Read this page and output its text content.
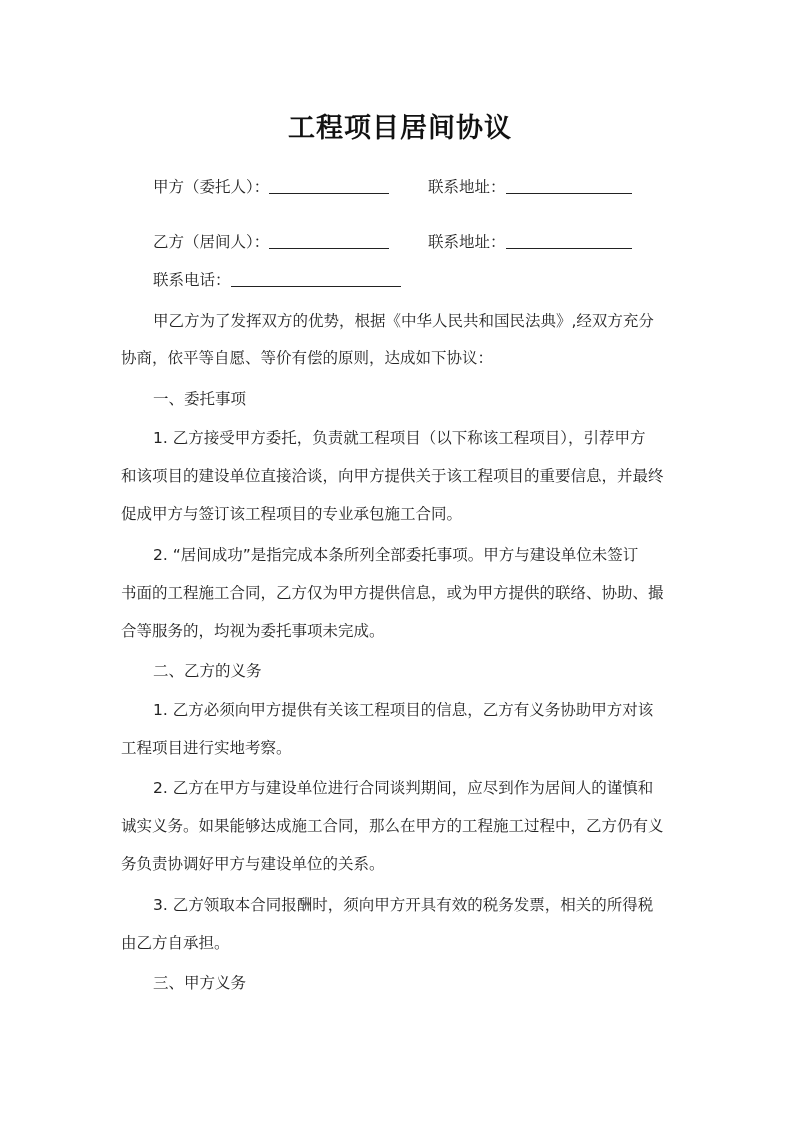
工程项目居间协议
甲方（委托人）：	联系地址：
乙方（居间人）：	联系地址：
联系电话：
甲乙方为了发挥双方的优势，根据《中华人民共和国民法典》,经双方充分
协商，依平等自愿、等价有偿的原则，达成如下协议：
一、委托事项
1. 乙方接受甲方委托，负责就工程项目（以下称该工程项目），引荐甲方
和该项目的建设单位直接洽谈，向甲方提供关于该工程项目的重要信息，并最终
促成甲方与签订该工程项目的专业承包施工合同。
2. “居间成功”是指完成本条所列全部委托事项。甲方与建设单位未签订
书面的工程施工合同，乙方仅为甲方提供信息，或为甲方提供的联络、协助、撮
合等服务的，均视为委托事项未完成。
二、乙方的义务
1. 乙方必须向甲方提供有关该工程项目的信息，乙方有义务协助甲方对该
工程项目进行实地考察。
2. 乙方在甲方与建设单位进行合同谈判期间，应尽到作为居间人的谨慎和
诚实义务。如果能够达成施工合同，那么在甲方的工程施工过程中，乙方仍有义
务负责协调好甲方与建设单位的关系。
3. 乙方领取本合同报酬时，须向甲方开具有效的税务发票，相关的所得税
由乙方自承担。
三、甲方义务
